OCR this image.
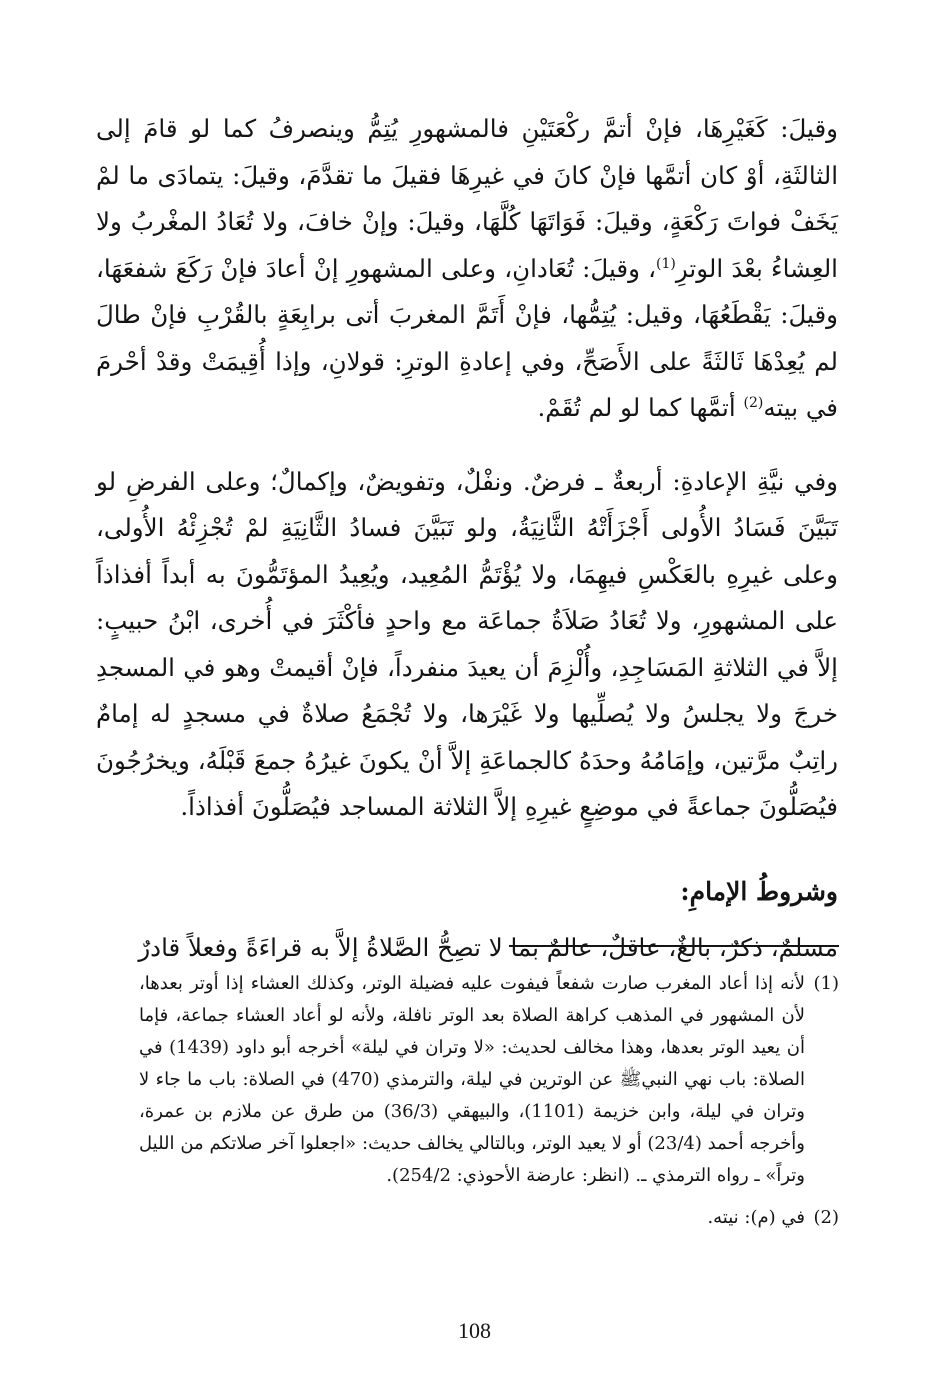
وقيلَ: كَغَيْرِهَا، فإنْ أتمَّ ركْعَتَيْنِ فالمشهورِ يُتِمُّ وينصرفُ كما لو قامَ إلى الثالثَةِ، أوْ كان أتمَّها فإنْ كانَ في غيرِهَا فقيلَ ما تقدَّمَ، وقيلَ: يتمادَى ما لمْ يَخَفْ فواتَ رَكْعَةٍ، وقيلَ: فَوَاتَهَا كُلَّهَا، وقيلَ: وإنْ خافَ، ولا تُعَادُ المغْربُ ولا العِشاءُ بعْدَ الوترِ$^{(1)}$، وقيلَ: تُعَادانِ، وعلى المشهورِ إنْ أعادَ فإنْ رَكَعَ شفعَهَا، وقيلَ: يَقْطَعُهَا، وقيل: يُتِمُّها، فإنْ أَتَمَّ المغربَ أتى برابِعَةٍ بالقُرْبِ فإنْ طالَ لم يُعِدْهَا ثَالثَةً على الأَصَحِّ، وفي إعادةِ الوترِ: قولانِ، وإذا أُقِيمَتْ وقدْ أحْرمَ في بيته$^{(2)}$ أتمَّها كما لو لم تُقَمْ.

وفي نيَّةِ الإعادةِ: أربعةٌ ـ فرضٌ. ونفْلٌ، وتفويضٌ، وإكمالٌ؛ وعلى الفرضِ لو تَبَيَّنَ فَسَادُ الأُولى أَجْزَأَتْهُ الثَّانِيَةُ، ولو تَبَيَّنَ فسادُ الثَّانِيَةِ لمْ تُجْزِئْهُ الأُولى، وعلى غيرِهِ بالعَكْسِ فيهِمَا، ولا يُؤْتَمُّ المُعِيد، ويُعِيدُ المؤتَمُّونَ به أبداً أفذاذاً على المشهورِ، ولا تُعَادُ صَلاَةُ جماعَة مع واحدٍ فأكْثَرَ في أُخرى، ابْنُ حبيبٍ: إلاَّ في الثلاثةِ المَسَاجِدِ، وأُلْزِمَ أن يعيدَ منفرداً، فإنْ أقيمتْ وهو في المسجدِ خرجَ ولا يجلسُ ولا يُصلِّيها ولا غَيْرَها، ولا تُجْمَعُ صلاةٌ في مسجدٍ له إمامٌ راتِبٌ مرَّتين، وإمَامُهُ وحدَهُ كالجماعَةِ إلاَّ أنْ يكونَ غيرُهُ جمعَ قَبْلَهُ، ويخرُجُونَ فيُصَلُّونَ جماعةً في موضِعٍ غيرِهِ إلاَّ الثلاثة المساجد فيُصَلُّونَ أفذاذاً.

وشروطُ الإمامِ:

مسلمٌ، ذكرٌ، بالغٌ، عاقلٌ، عالمٌ بما لا تصِحُّ الصَّلاةُ إلاَّ به قراءَةً وفعلاً قادرٌ

(1)
لأنه إذا أعاد المغرب صارت شفعاً فيفوت عليه فضيلة الوتر، وكذلك العشاء إذا أوتر بعدها، لأن المشهور في المذهب كراهة الصلاة بعد الوتر نافلة، ولأنه لو أعاد العشاء جماعة، فإما أن يعيد الوتر بعدها، وهذا مخالف لحديث: «لا وتران في ليلة» أخرجه أبو داود (1439) في الصلاة: باب نهي النبيﷺ عن الوترين في ليلة، والترمذي (470) في الصلاة: باب ما جاء لا وتران في ليلة، وابن خزيمة (1101)، والبيهقي (36/3) من طرق عن ملازم بن عمرة، وأخرجه أحمد (23/4) أو لا يعيد الوتر، وبالتالي يخالف حديث: «اجعلوا آخر صلاتكم من الليل وتراً» ـ رواه الترمذي ـ. (انظر: عارضة الأحوذي: 254/2).

(2)
في (م): نيته.

108
